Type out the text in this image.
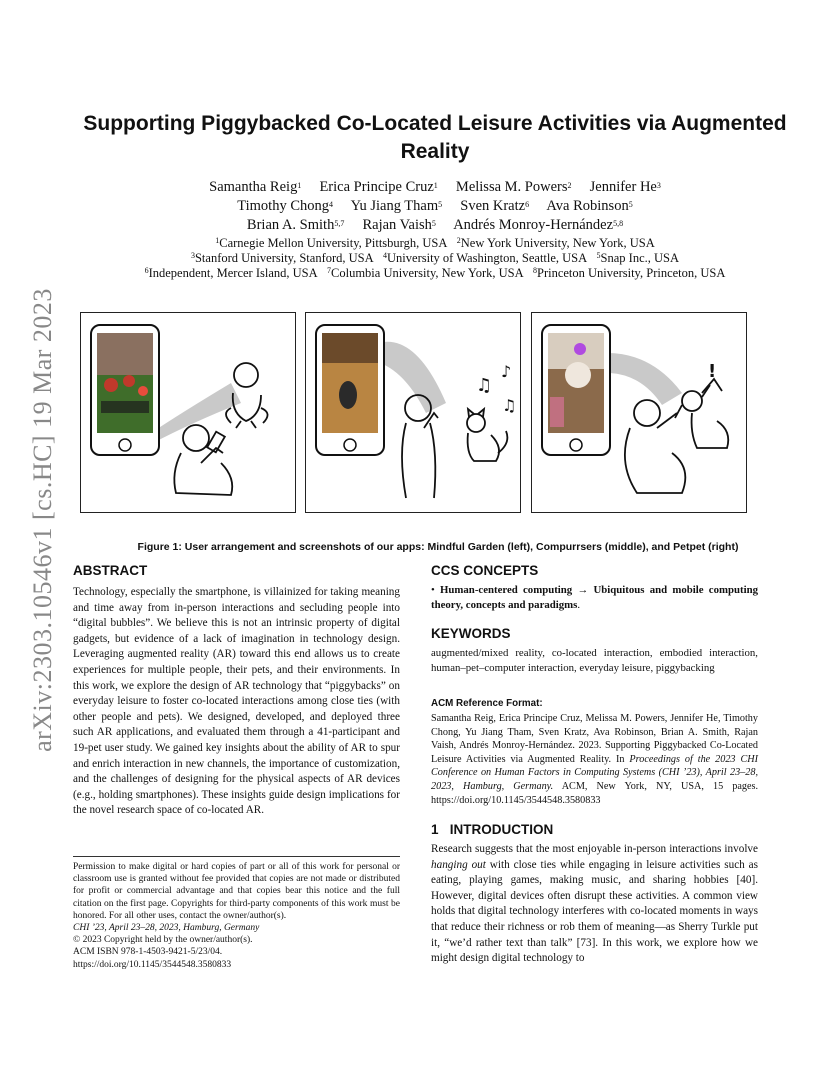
arXiv:2303.10546v1 [cs.HC] 19 Mar 2023
Supporting Piggybacked Co-Located Leisure Activities via Augmented Reality
Samantha Reig$^1$ Erica Principe Cruz$^1$ Melissa M. Powers$^2$ Jennifer He$^3$
Timothy Chong$^4$ Yu Jiang Tham$^5$ Sven Kratz$^6$ Ava Robinson$^5$
Brian A. Smith$^{5,7}$ Rajan Vaish$^5$ Andrés Monroy-Hernández$^{5,8}$
$^1$Carnegie Mellon University, Pittsburgh, USA $^2$New York University, New York, USA
$^3$Stanford University, Stanford, USA $^4$University of Washington, Seattle, USA $^5$Snap Inc., USA
$^6$Independent, Mercer Island, USA $^7$Columbia University, New York, USA $^8$Princeton University, Princeton, USA
♫
♪
♫
!
Figure 1: User arrangement and screenshots of our apps: Mindful Garden (left), Compurrsers (middle), and Petpet (right)
ABSTRACT
Technology, especially the smartphone, is villainized for taking meaning and time away from in-person interactions and secluding people into “digital bubbles”. We believe this is not an intrinsic property of digital gadgets, but evidence of a lack of imagination in technology design. Leveraging augmented reality (AR) toward this end allows us to create experiences for multiple people, their pets, and their environments. In this work, we explore the design of AR technology that “piggybacks” on everyday leisure to foster co-located interactions among close ties (with other people and pets). We designed, developed, and deployed three such AR applications, and evaluated them through a 41-participant and 19-pet user study. We gained key insights about the ability of AR to spur and enrich interaction in new channels, the importance of customization, and the challenges of designing for the physical aspects of AR devices (e.g., holding smartphones). These insights guide design implications for the novel research space of co-located AR.
Permission to make digital or hard copies of part or all of this work for personal or classroom use is granted without fee provided that copies are not made or distributed for profit or commercial advantage and that copies bear this notice and the full citation on the first page. Copyrights for third-party components of this work must be honored. For all other uses, contact the owner/author(s).
CHI ’23, April 23–28, 2023, Hamburg, Germany
© 2023 Copyright held by the owner/author(s).
ACM ISBN 978-1-4503-9421-5/23/04.
https://doi.org/10.1145/3544548.3580833
CCS CONCEPTS
• Human-centered computing → Ubiquitous and mobile computing theory, concepts and paradigms.
KEYWORDS
augmented/mixed reality, co-located interaction, embodied interaction, human–pet–computer interaction, everyday leisure, piggybacking
ACM Reference Format:
Samantha Reig, Erica Principe Cruz, Melissa M. Powers, Jennifer He, Timothy Chong, Yu Jiang Tham, Sven Kratz, Ava Robinson, Brian A. Smith, Rajan Vaish, Andrés Monroy-Hernández. 2023. Supporting Piggybacked Co-Located Leisure Activities via Augmented Reality. In Proceedings of the 2023 CHI Conference on Human Factors in Computing Systems (CHI ’23), April 23–28, 2023, Hamburg, Germany. ACM, New York, NY, USA, 15 pages. https://doi.org/10.1145/3544548.3580833
1 INTRODUCTION
Research suggests that the most enjoyable in-person interactions involve hanging out with close ties while engaging in leisure activities such as eating, playing games, making music, and sharing hobbies [40]. However, digital devices often disrupt these activities. A common view holds that digital technology interferes with co-located moments in ways that reduce their richness or rob them of meaning—as Sherry Turkle put it, “we’d rather text than talk” [73]. In this work, we explore how we might design digital technology to
